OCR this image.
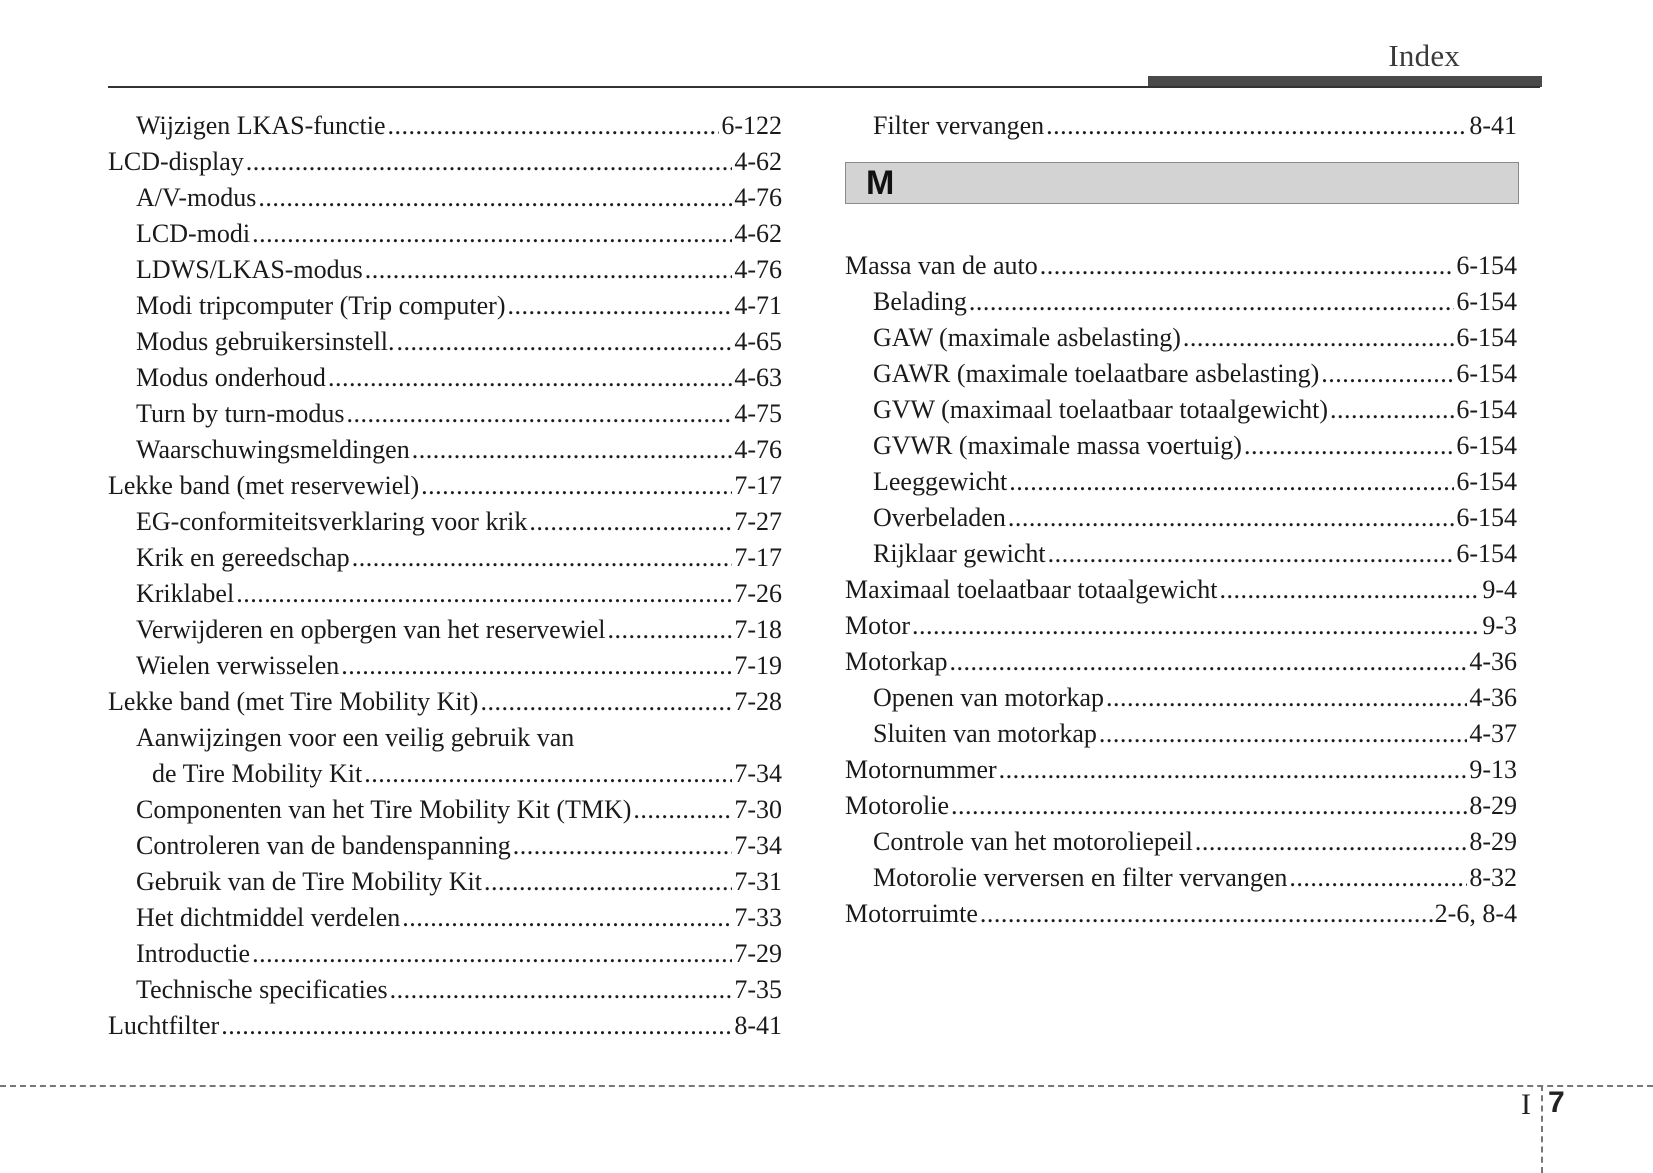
Index
Wijzigen LKAS-functie .....	6-122
LCD-display .....	4-62
A/V-modus .....	4-76
LCD-modi .....	4-62
LDWS/LKAS-modus .....	4-76
Modi tripcomputer (Trip computer) .....	4-71
Modus gebruikersinstell. .....	4-65
Modus onderhoud .....	4-63
Turn by turn-modus .....	4-75
Waarschuwingsmeldingen .....	4-76
Lekke band (met reservewiel) .....	7-17
EG-conformiteitsverklaring voor krik .....	7-27
Krik en gereedschap .....	7-17
Kriklabel .....	7-26
Verwijderen en opbergen van het reservewiel .....	7-18
Wielen verwisselen .....	7-19
Lekke band (met Tire Mobility Kit) .....	7-28
Aanwijzingen voor een veilig gebruik van
de Tire Mobility Kit .....	7-34
Componenten van het Tire Mobility Kit (TMK) .....	7-30
Controleren van de bandenspanning .....	7-34
Gebruik van de Tire Mobility Kit .....	7-31
Het dichtmiddel verdelen .....	7-33
Introductie .....	7-29
Technische specificaties .....	7-35
Luchtfilter .....	8-41
Filter vervangen .....	8-41
M
Massa van de auto .....	6-154
Belading .....	6-154
GAW (maximale asbelasting) .....	6-154
GAWR (maximale toelaatbare asbelasting) .....	6-154
GVW (maximaal toelaatbaar totaalgewicht) .....	6-154
GVWR (maximale massa voertuig) .....	6-154
Leeggewicht .....	6-154
Overbeladen .....	6-154
Rijklaar gewicht .....	6-154
Maximaal toelaatbaar totaalgewicht .....	9-4
Motor .....	9-3
Motorkap .....	4-36
Openen van motorkap .....	4-36
Sluiten van motorkap .....	4-37
Motornummer .....	9-13
Motorolie .....	8-29
Controle van het motoroliepeil .....	8-29
Motorolie verversen en filter vervangen .....	8-32
Motorruimte .....	2-6, 8-4
I 7
